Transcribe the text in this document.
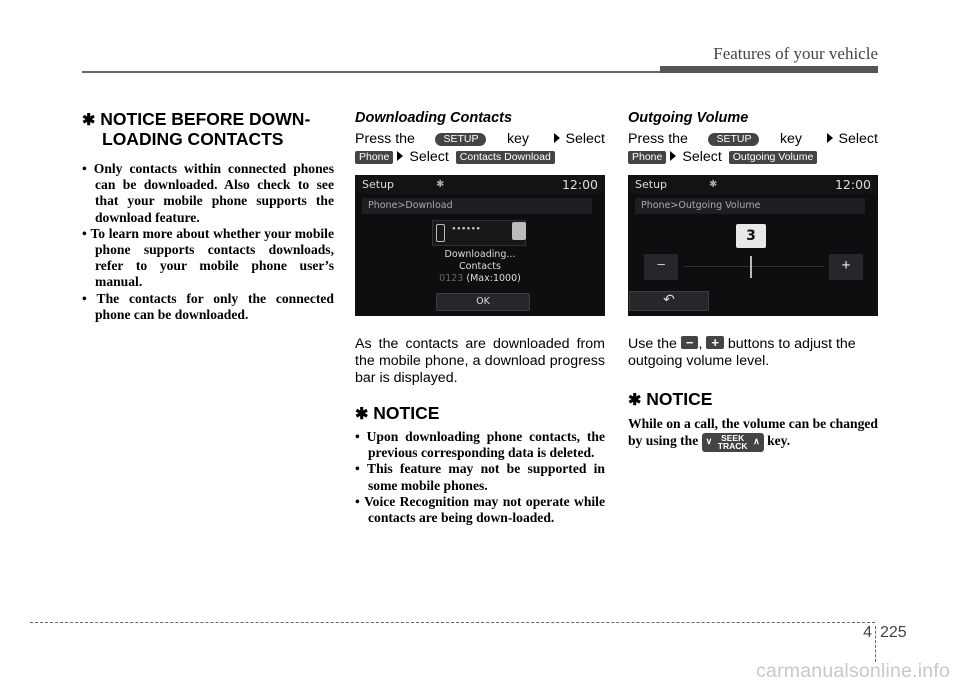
Features of your vehicle
✱ NOTICE BEFORE DOWN-
LOADING CONTACTS
• Only contacts within connected phones can be downloaded. Also check to see that your mobile phone supports the download feature.
• To learn more about whether your mobile phone supports contacts downloads, refer to your mobile phone user’s manual.
• The contacts for only the connected phone can be downloaded.
Downloading Contacts
Press the	SETUP	key	Select
Phone Select Contacts Download
Setup	✱	12:00
Phone>Download
••••••
Downloading...
Contacts
0123 (Max:1000)
OK
As the contacts are downloaded from the mobile phone, a download progress bar is displayed.
✱ NOTICE
• Upon downloading phone contacts, the previous corresponding data is deleted.
• This feature may not be supported in some mobile phones.
• Voice Recognition may not operate while contacts are being down-loaded.
Outgoing Volume
Press the	SETUP	key	Select
Phone Select Outgoing Volume
Setup	✱	12:00
Phone>Outgoing Volume
3
−	+
↶
Use the − , + buttons to adjust the outgoing volume level.
✱ NOTICE
While on a call, the volume can be changed by using the ∨ SEEK
TRACK
∧ key.
4 225
carmanualsonline.info
